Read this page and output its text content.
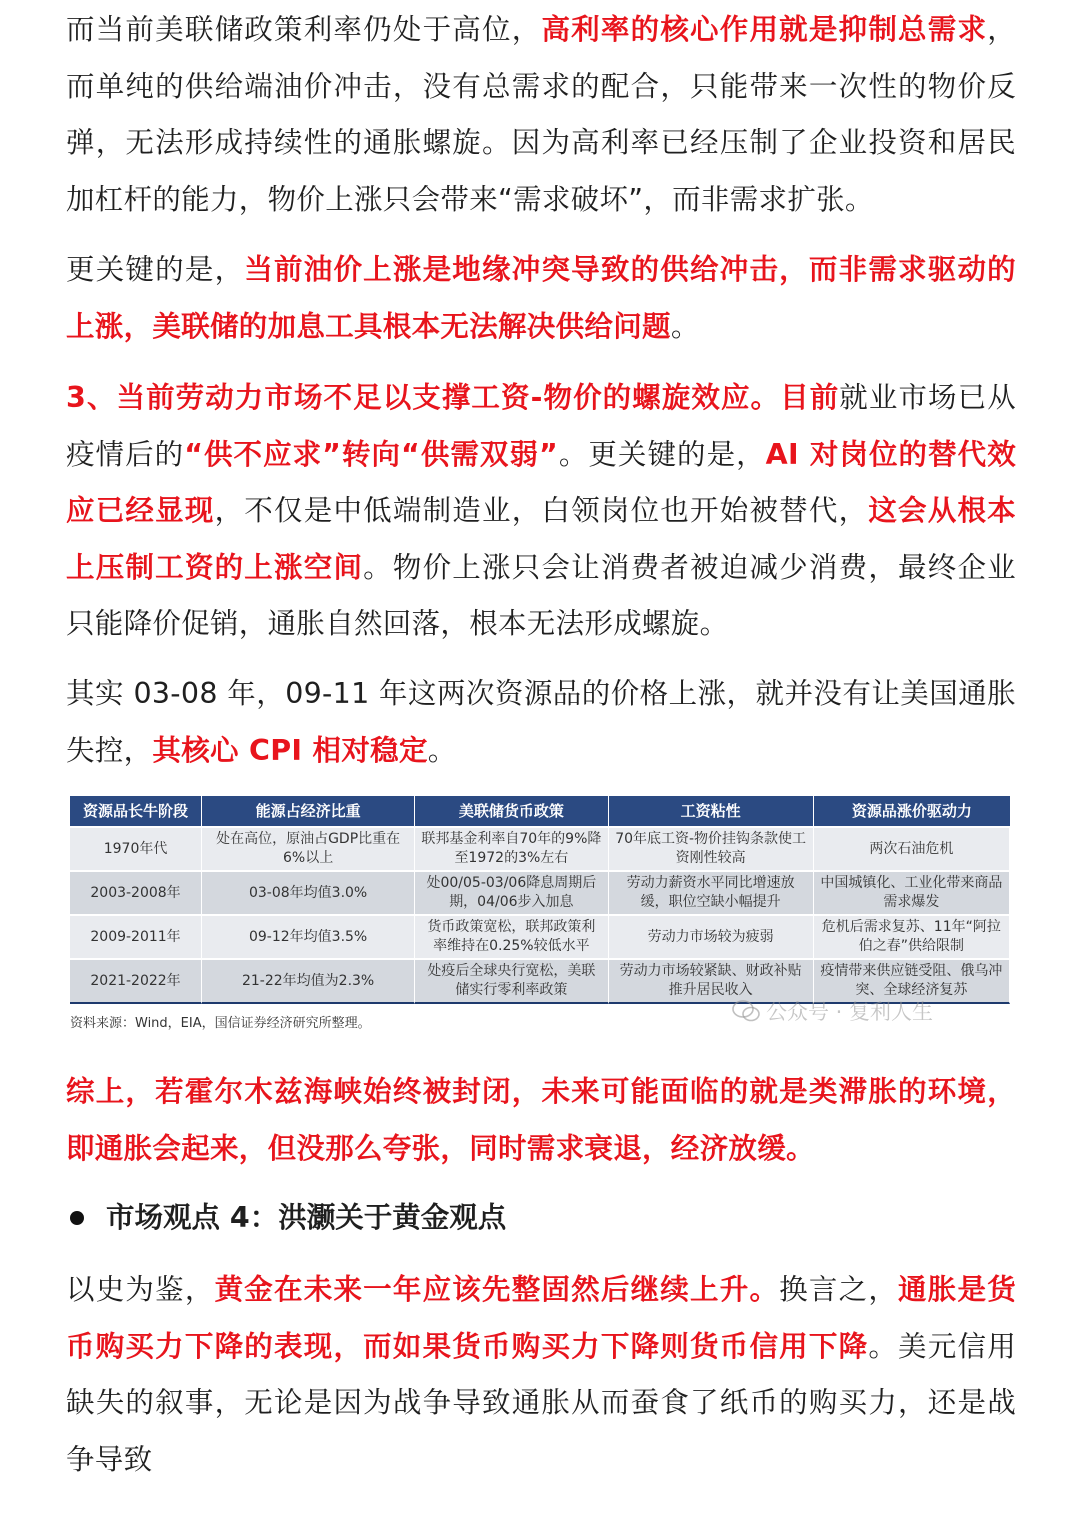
而当前美联储政策利率仍处于高位，高利率的核心作用就是抑制总需求，而单纯的供给端油价冲击，没有总需求的配合，只能带来一次性的物价反弹，无法形成持续性的通胀螺旋。因为高利率已经压制了企业投资和居民加杠杆的能力，物价上涨只会带来“需求破坏”，而非需求扩张。

更关键的是，当前油价上涨是地缘冲突导致的供给冲击，而非需求驱动的上涨，美联储的加息工具根本无法解决供给问题。

3、当前劳动力市场不足以支撑工资-物价的螺旋效应。目前就业市场已从疫情后的“供不应求”转向“供需双弱”。更关键的是，AI 对岗位的替代效应已经显现，不仅是中低端制造业，白领岗位也开始被替代，这会从根本上压制工资的上涨空间。物价上涨只会让消费者被迫减少消费，最终企业只能降价促销，通胀自然回落，根本无法形成螺旋。

其实 03-08 年，09-11 年这两次资源品的价格上涨，就并没有让美国通胀失控，其核心 CPI 相对稳定。

资源品长牛阶段	能源占经济比重	美联储货币政策	工资粘性	资源品涨价驱动力
1970年代	处在高位，原油占GDP比重在6%以上	联邦基金利率自70年的9%降至1972的3%左右	70年底工资-物价挂钩条款使工资刚性较高	两次石油危机
2003-2008年	03-08年均值3.0%	处00/05-03/06降息周期后期，04/06步入加息	劳动力薪资水平同比增速放缓，职位空缺小幅提升	中国城镇化、工业化带来商品需求爆发
2009-2011年	09-12年均值3.5%	货币政策宽松，联邦政策利率维持在0.25%较低水平	劳动力市场较为疲弱	危机后需求复苏、11年“阿拉伯之春”供给限制
2021-2022年	21-22年均值为2.3%	处疫后全球央行宽松，美联储实行零利率政策	劳动力市场较紧缺、财政补贴推升居民收入	疫情带来供应链受阻、俄乌冲突、全球经济复苏
资料来源：Wind，EIA，国信证券经济研究所整理。	公众号 · 复利人生

综上，若霍尔木兹海峡始终被封闭，未来可能面临的就是类滞胀的环境，即通胀会起来，但没那么夸张，同时需求衰退，经济放缓。

市场观点 4：洪灏关于黄金观点

以史为鉴，黄金在未来一年应该先整固然后继续上升。换言之，通胀是货币购买力下降的表现，而如果货币购买力下降则货币信用下降。美元信用缺失的叙事，无论是因为战争导致通胀从而蚕食了纸币的购买力，还是战争导致
